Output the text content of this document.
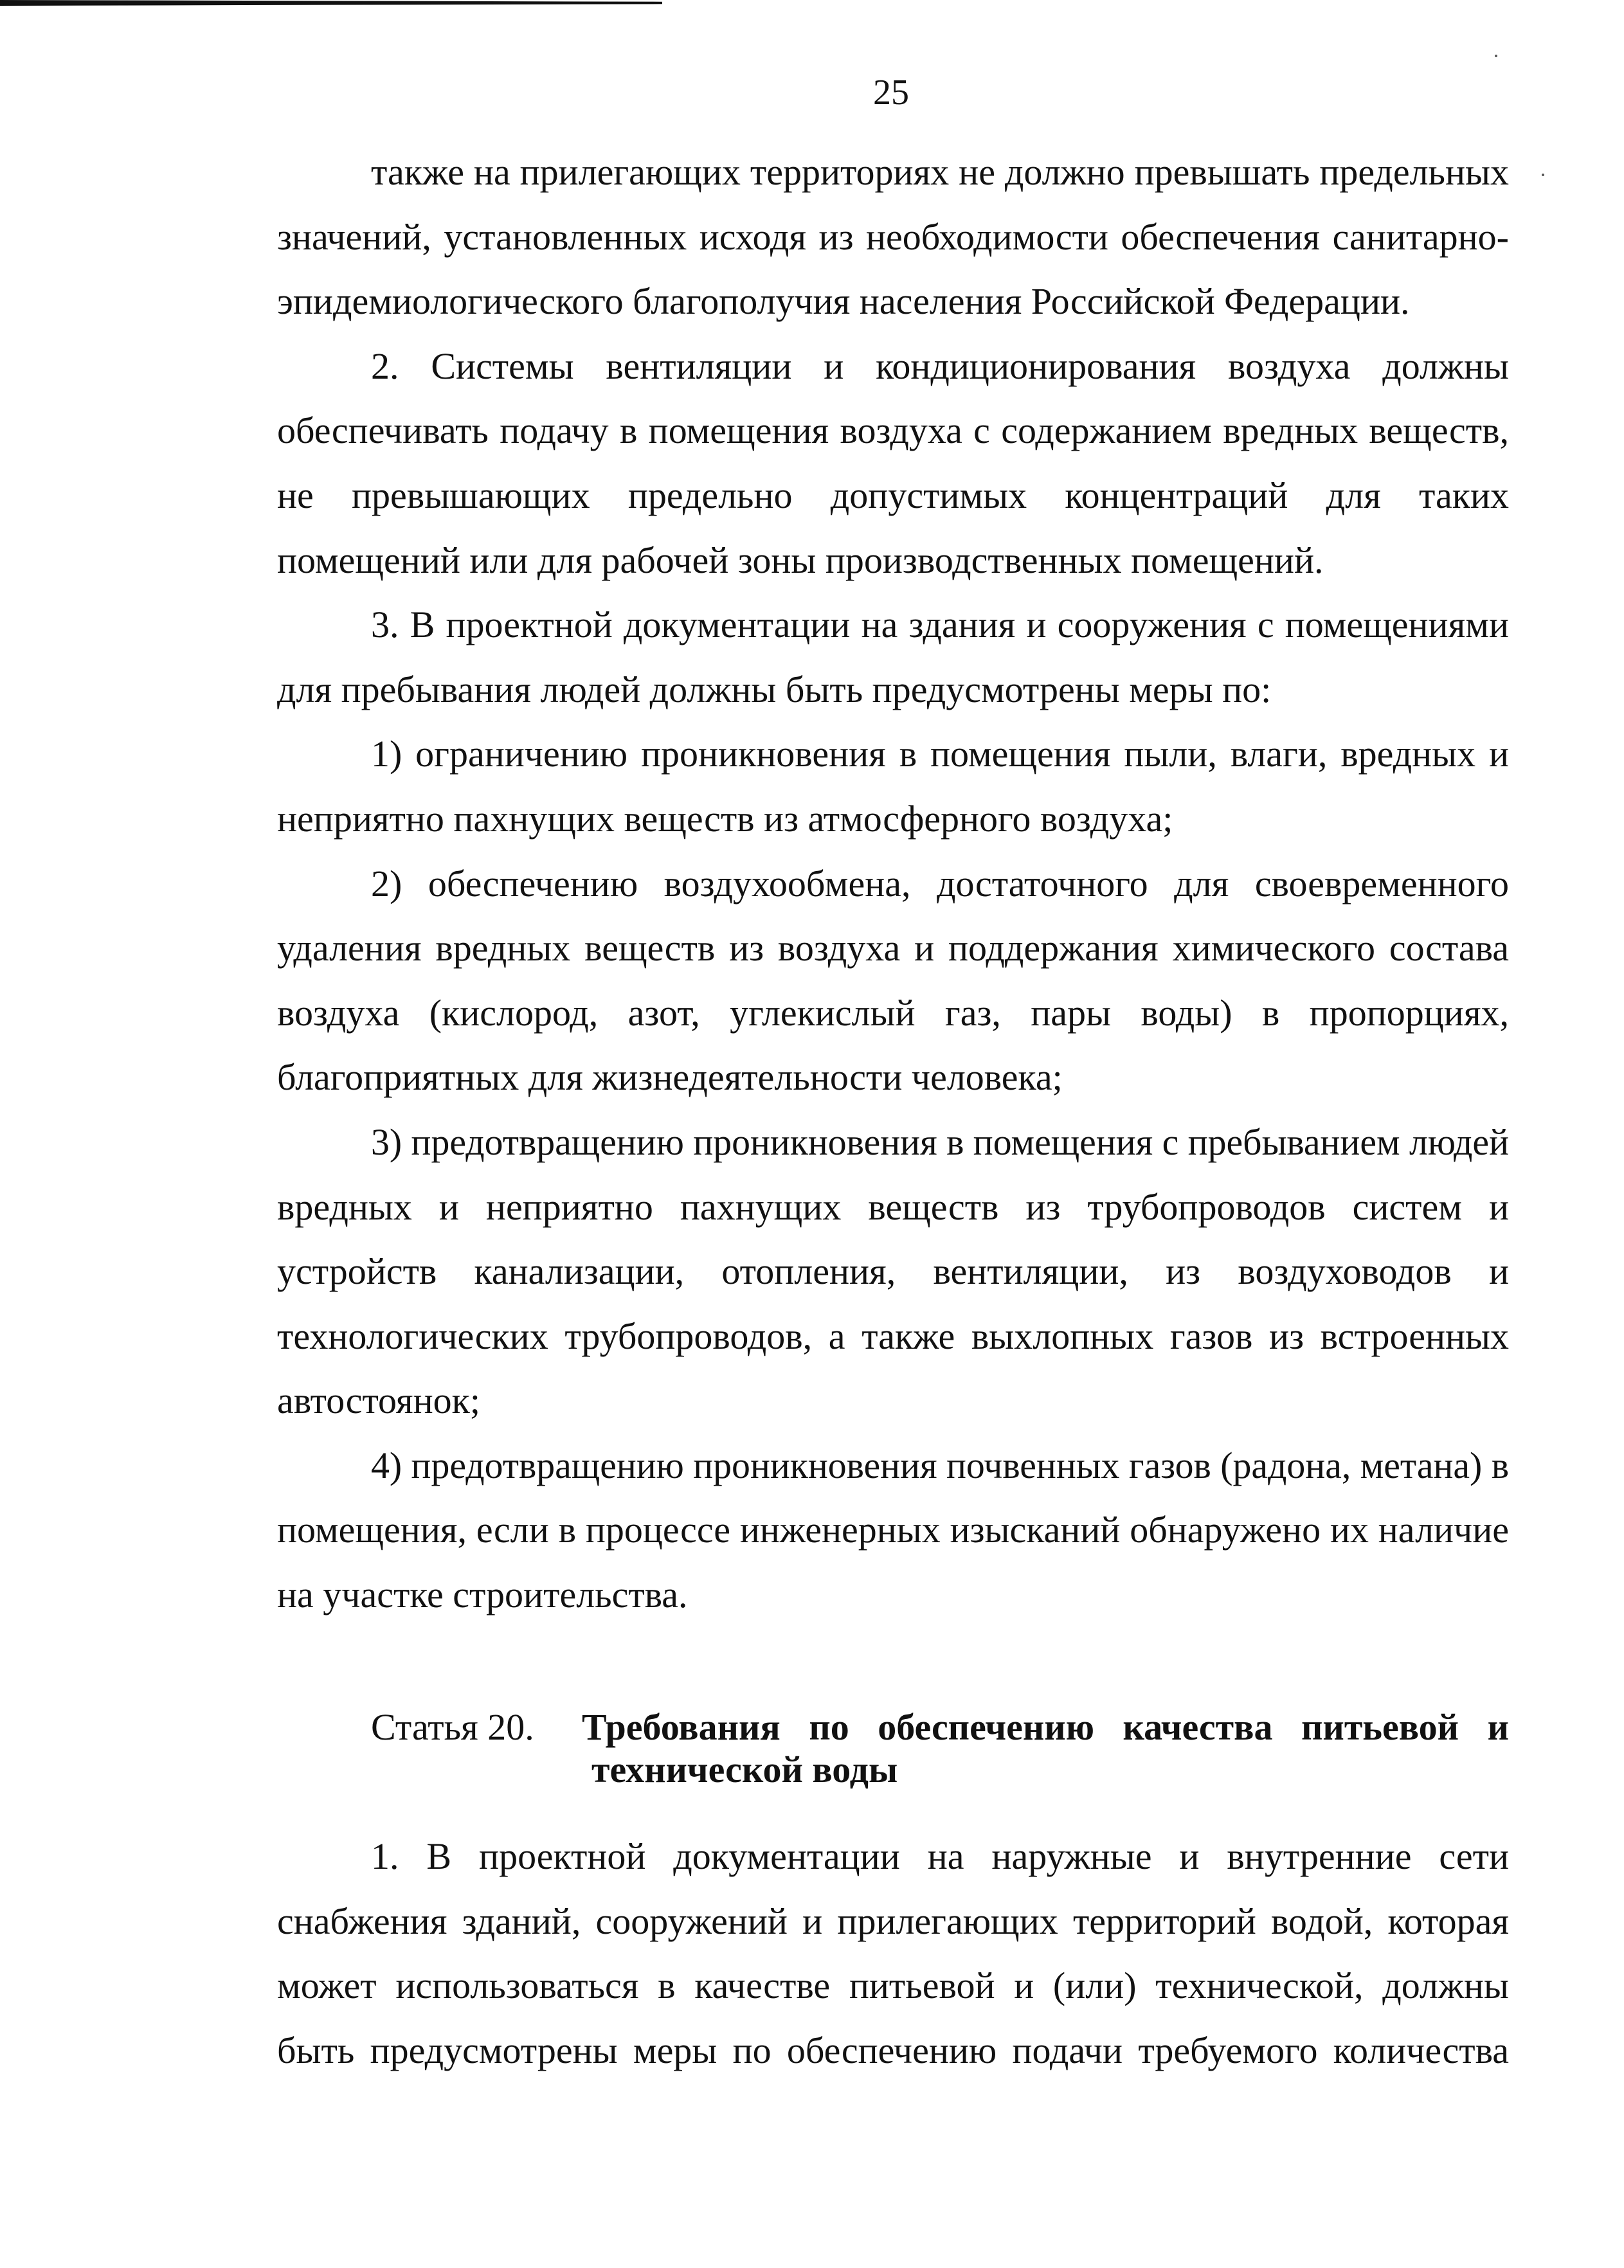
25
также на прилегающих территориях не должно превышать предельных
значений, установленных исходя из необходимости обеспечения санитарно-
эпидемиологического благополучия населения Российской Федерации.
2. Системы вентиляции и кондиционирования воздуха должны
обеспечивать подачу в помещения воздуха с содержанием вредных веществ,
не превышающих предельно допустимых концентраций для таких
помещений или для рабочей зоны производственных помещений.
3. В проектной документации на здания и сооружения с помещениями
для пребывания людей должны быть предусмотрены меры по:
1) ограничению проникновения в помещения пыли, влаги, вредных и
неприятно пахнущих веществ из атмосферного воздуха;
2) обеспечению воздухообмена, достаточного для своевременного
удаления вредных веществ из воздуха и поддержания химического состава
воздуха (кислород, азот, углекислый газ, пары воды) в пропорциях,
благоприятных для жизнедеятельности человека;
3) предотвращению проникновения в помещения с пребыванием людей
вредных и неприятно пахнущих веществ из трубопроводов систем и
устройств канализации, отопления, вентиляции, из воздуховодов и
технологических трубопроводов, а также выхлопных газов из встроенных
автостоянок;
4) предотвращению проникновения почвенных газов (радона, метана) в
помещения, если в процессе инженерных изысканий обнаружено их наличие
на участке строительства.
Статья 20. Требования по обеспечению качества питьевой и
технической воды
1. В проектной документации на наружные и внутренние сети
снабжения зданий, сооружений и прилегающих территорий водой, которая
может использоваться в качестве питьевой и (или) технической, должны
быть предусмотрены меры по обеспечению подачи требуемого количества
